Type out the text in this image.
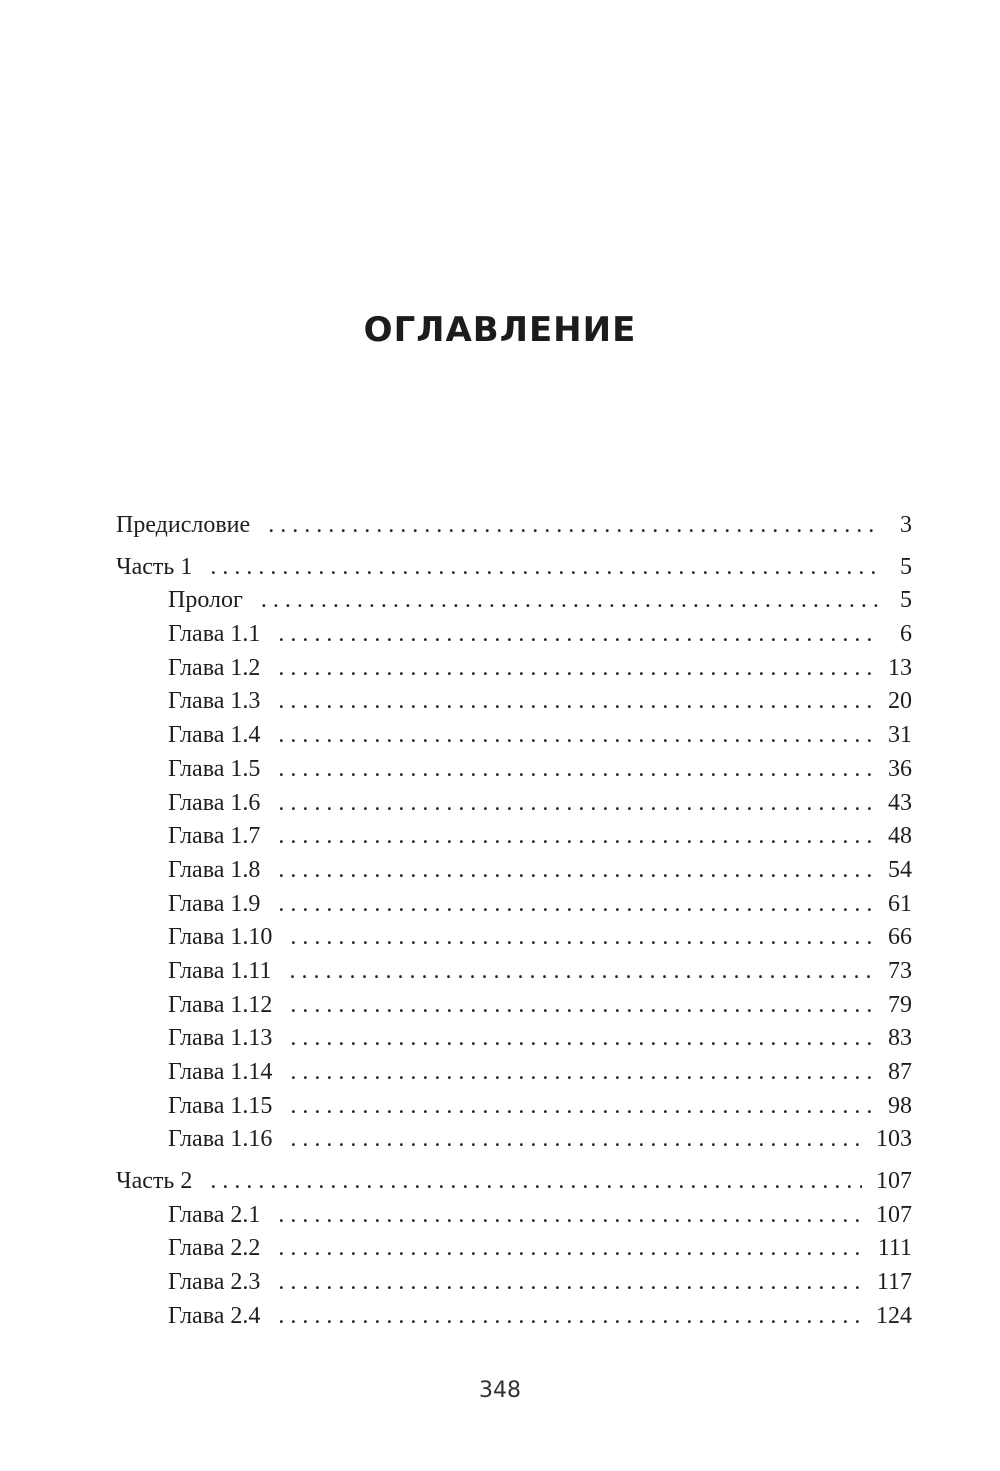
ОГЛАВЛЕНИЕ
Предисловие . . .	3
Часть 1 . . .	5
Пролог . . .	5
Глава 1.1 . . .	6
Глава 1.2 . . .	13
Глава 1.3 . . .	20
Глава 1.4 . . .	31
Глава 1.5 . . .	36
Глава 1.6 . . .	43
Глава 1.7 . . .	48
Глава 1.8 . . .	54
Глава 1.9 . . .	61
Глава 1.10 . . .	66
Глава 1.11 . . .	73
Глава 1.12 . . .	79
Глава 1.13 . . .	83
Глава 1.14 . . .	87
Глава 1.15 . . .	98
Глава 1.16 . . .	103
Часть 2 . . .	107
Глава 2.1 . . .	107
Глава 2.2 . . .	111
Глава 2.3 . . .	117
Глава 2.4 . . .	124
348
